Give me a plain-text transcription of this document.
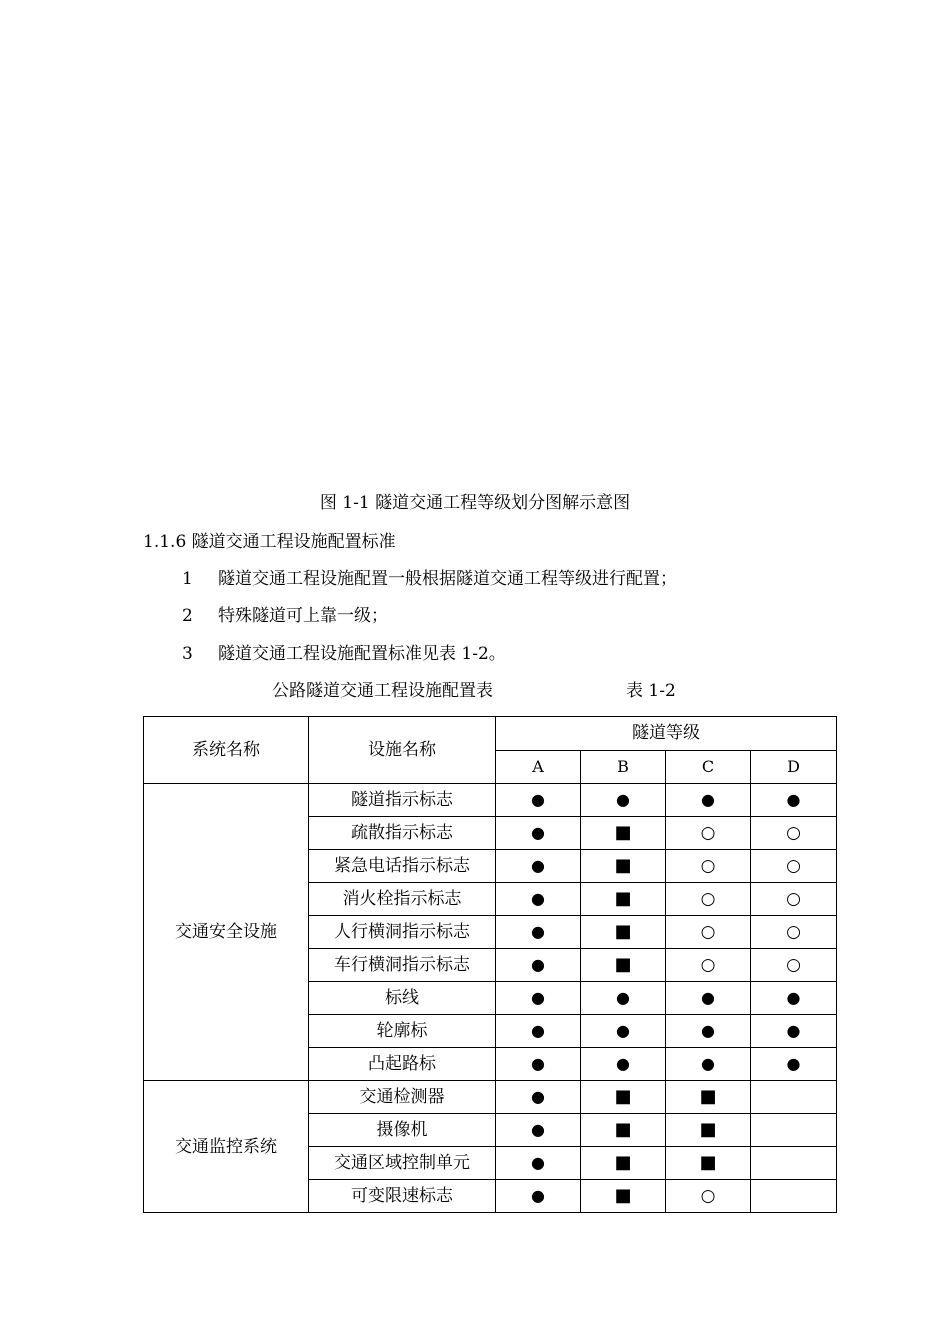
图 1-1 隧道交通工程等级划分图解示意图
1.1.6 隧道交通工程设施配置标准
1 隧道交通工程设施配置一般根据隧道交通工程等级进行配置；
2 特殊隧道可上靠一级；
3 隧道交通工程设施配置标准见表 1-2。
公路隧道交通工程设施配置表	表 1-2
系统名称	设施名称	隧道等级			
		A	B	C	D
交通安全设施	隧道指示标志	●	●	●	●
	疏散指示标志	●	■	○	○
	紧急电话指示标志	●	■	○	○
	消火栓指示标志	●	■	○	○
	人行横洞指示标志	●	■	○	○
	车行横洞指示标志	●	■	○	○
	标线	●	●	●	●
	轮廓标	●	●	●	●
	凸起路标	●	●	●	●
交通监控系统	交通检测器	●	■	■	
	摄像机	●	■	■	
	交通区域控制单元	●	■	■	
	可变限速标志	●	■	○	
